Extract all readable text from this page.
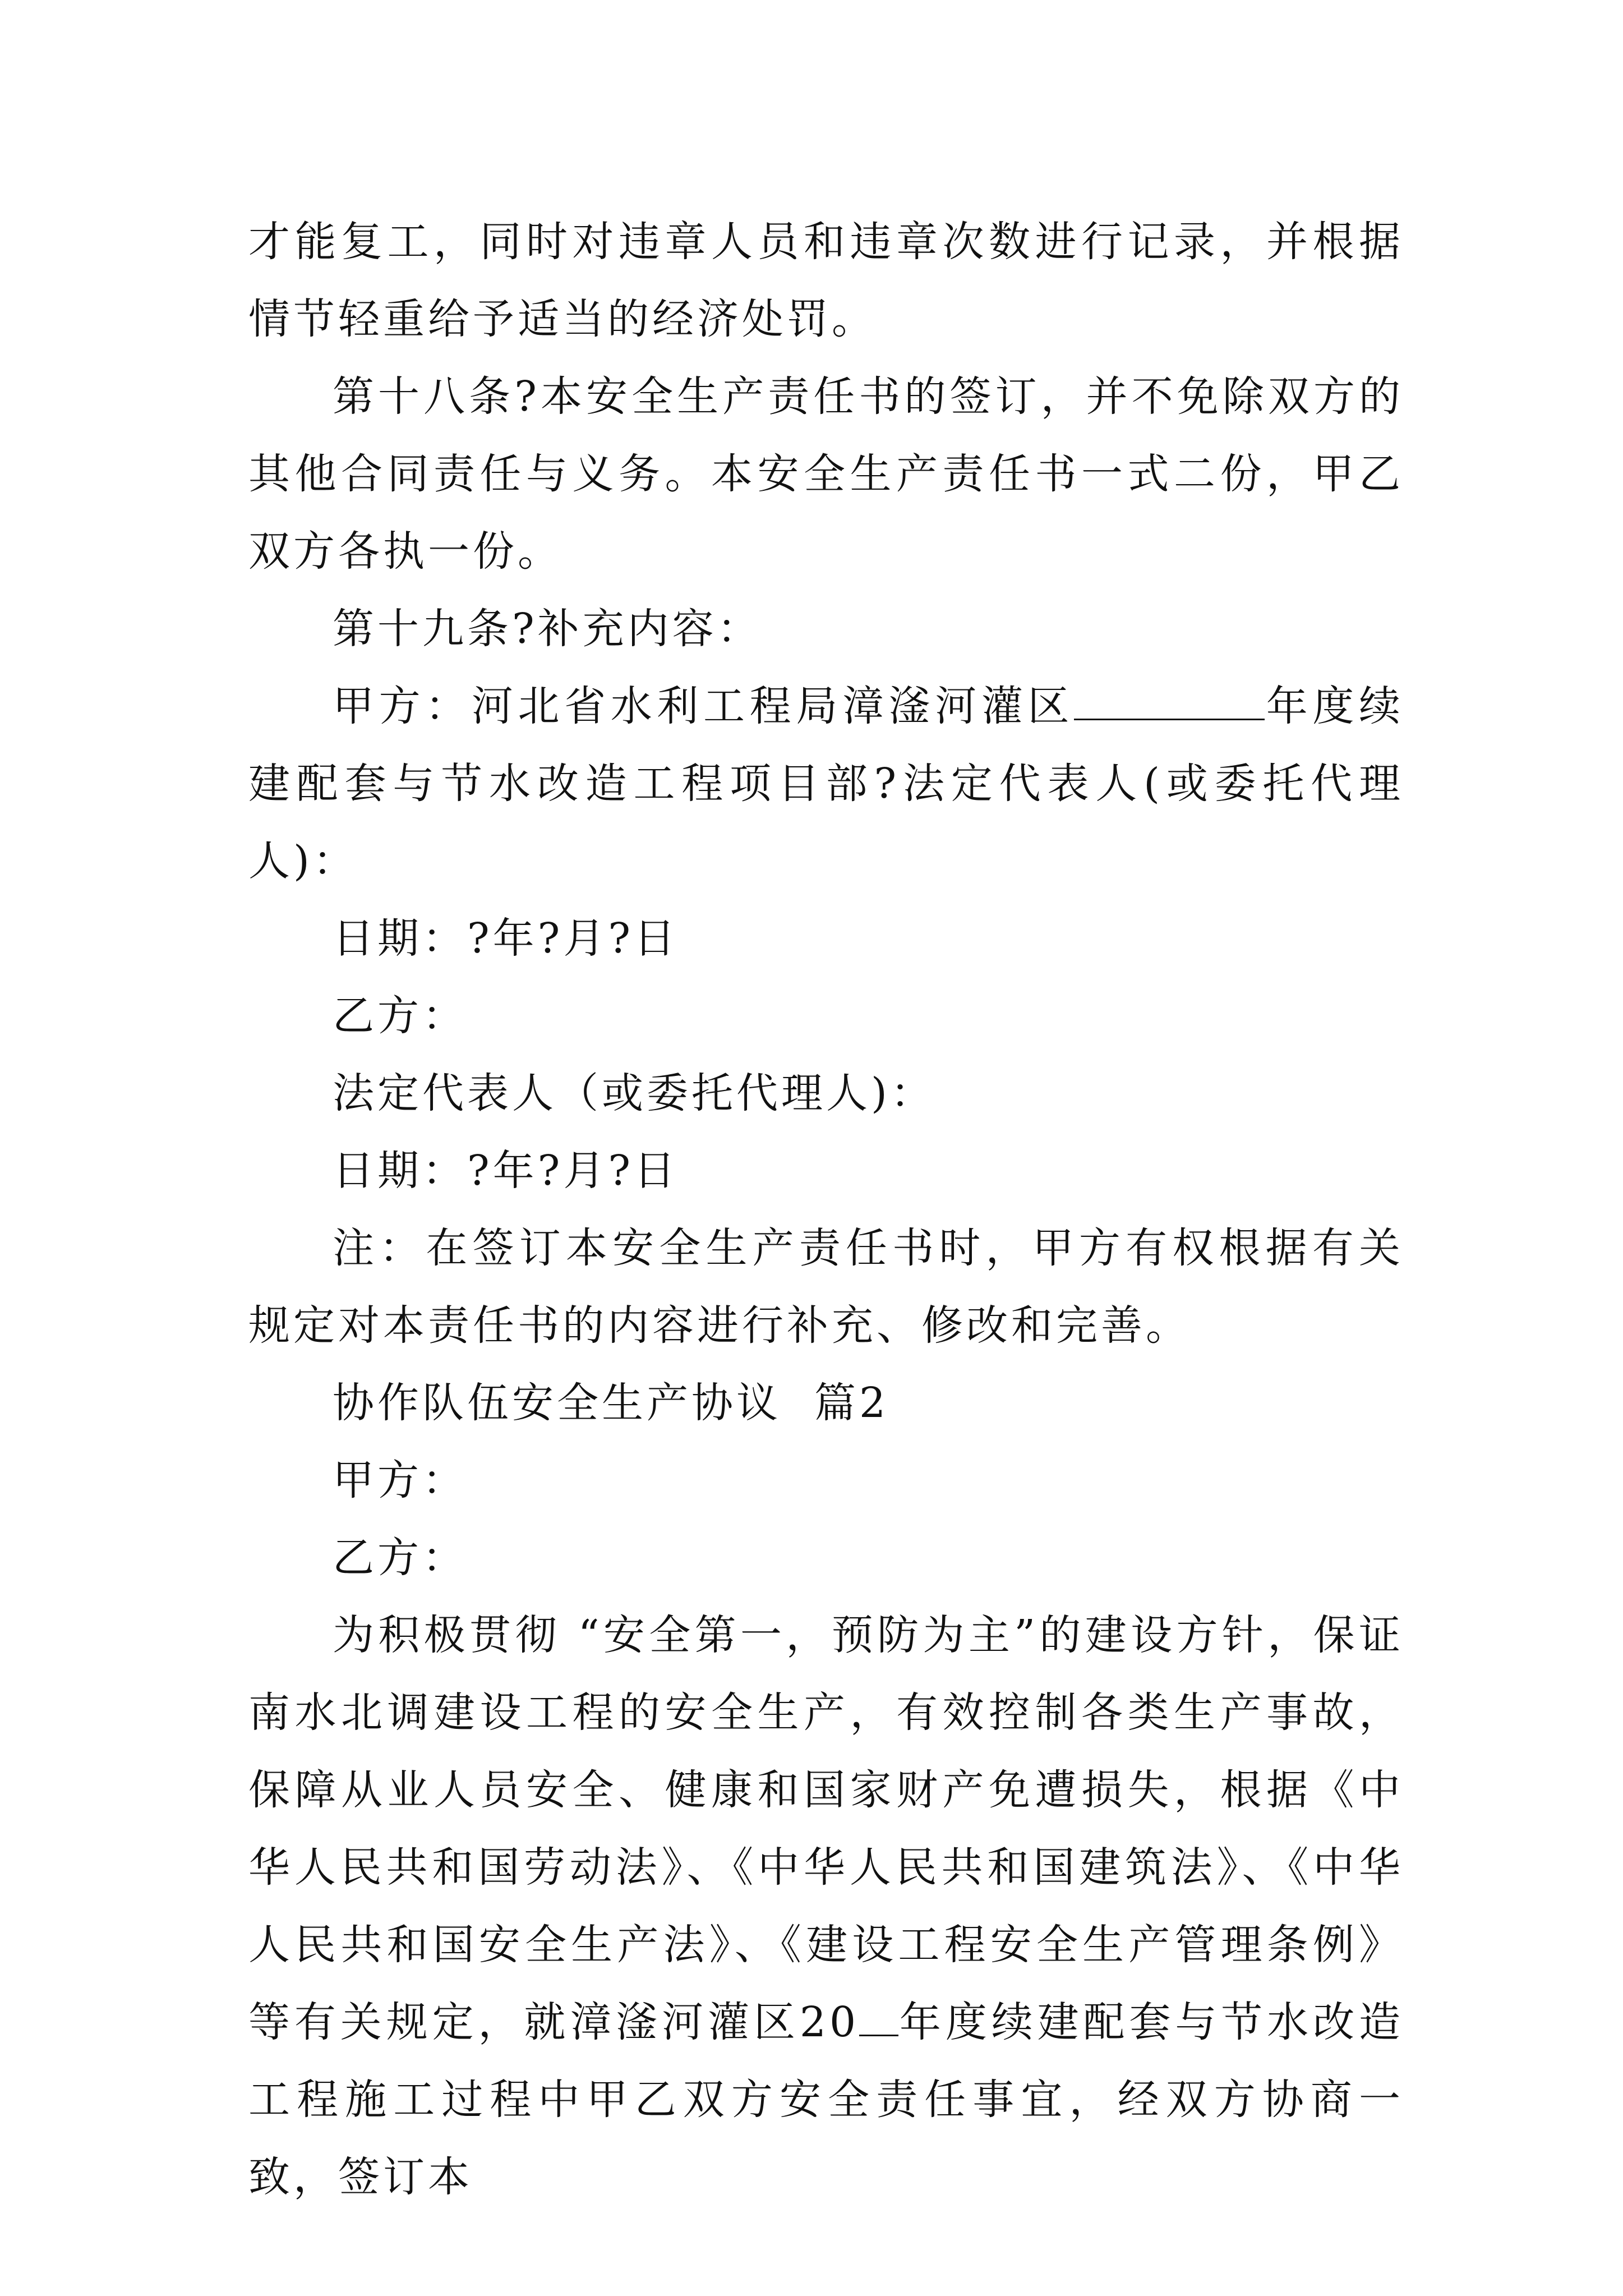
才能复工，同时对违章人员和违章次数进行记录，并根据情节轻重给予适当的经济处罚。

第十八条?本安全生产责任书的签订，并不免除双方的其他合同责任与义务。本安全生产责任书一式二份，甲乙双方各执一份。

第十九条?补充内容：

甲方：河北省水利工程局漳滏河灌区	年度续建配套与节水改造工程项目部?法定代表人(或委托代理人)：

日期：?年?月?日

乙方：

法定代表人（或委托代理人)：

日期：?年?月?日

注：在签订本安全生产责任书时，甲方有权根据有关规定对本责任书的内容进行补充、修改和完善。

协作队伍安全生产协议  篇2

甲方：

乙方：

为积极贯彻 “安全第一，预防为主”的建设方针，保证南水北调建设工程的安全生产，有效控制各类生产事故，保障从业人员安全、健康和国家财产免遭损失，根据《中华人民共和国劳动法》、《中华人民共和国建筑法》、《中华人民共和国安全生产法》、《建设工程安全生产管理条例》等有关规定，就漳滏河灌区20 年度续建配套与节水改造工程施工过程中甲乙双方安全责任事宜，经双方协商一致，签订本
